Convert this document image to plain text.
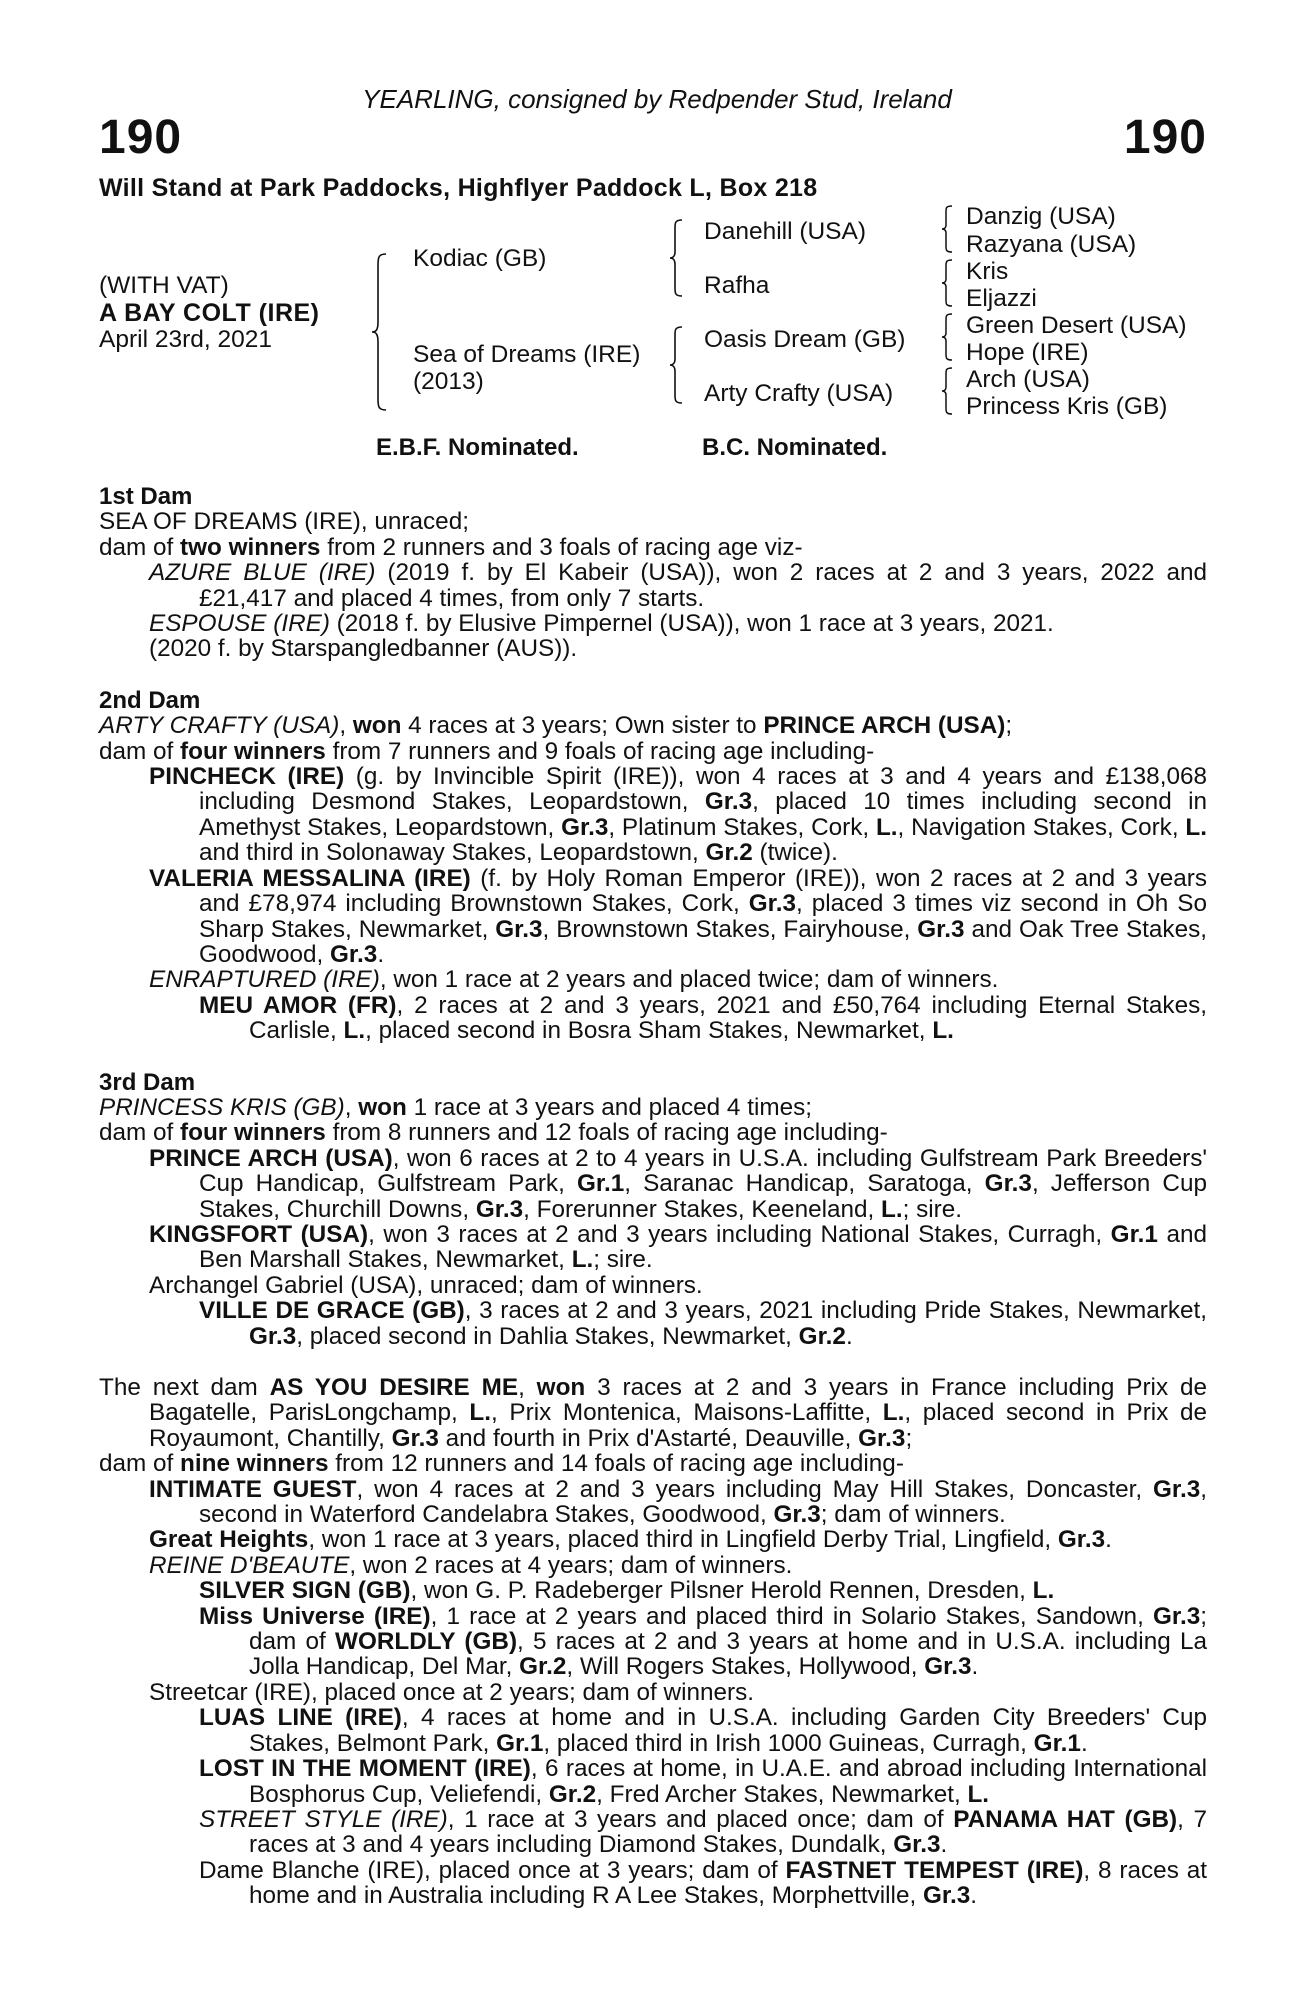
YEARLING, consigned by Redpender Stud, Ireland
190	190
Will Stand at Park Paddocks, Highflyer Paddock L, Box 218
(WITH VAT)
A BAY COLT (IRE)
April 23rd, 2021
Kodiac (GB)
Sea of Dreams (IRE)
(2013)
Danehill (USA)
Rafha
Oasis Dream (GB)
Arty Crafty (USA)
Danzig (USA)
Razyana (USA)
Kris
Eljazzi
Green Desert (USA)
Hope (IRE)
Arch (USA)
Princess Kris (GB)
E.B.F. Nominated.	B.C. Nominated.
1st Dam
SEA OF DREAMS (IRE), unraced;
dam of two winners from 2 runners and 3 foals of racing age viz-
AZURE BLUE (IRE) (2019 f. by El Kabeir (USA)), won 2 races at 2 and 3 years, 2022 and £21,417 and placed 4 times, from only 7 starts.
ESPOUSE (IRE) (2018 f. by Elusive Pimpernel (USA)), won 1 race at 3 years, 2021.
(2020 f. by Starspangledbanner (AUS)).
2nd Dam
ARTY CRAFTY (USA), won 4 races at 3 years; Own sister to PRINCE ARCH (USA);
dam of four winners from 7 runners and 9 foals of racing age including-
PINCHECK (IRE) (g. by Invincible Spirit (IRE)), won 4 races at 3 and 4 years and £138,068 including Desmond Stakes, Leopardstown, Gr.3, placed 10 times including second in Amethyst Stakes, Leopardstown, Gr.3, Platinum Stakes, Cork, L., Navigation Stakes, Cork, L. and third in Solonaway Stakes, Leopardstown, Gr.2 (twice).
VALERIA MESSALINA (IRE) (f. by Holy Roman Emperor (IRE)), won 2 races at 2 and 3 years and £78,974 including Brownstown Stakes, Cork, Gr.3, placed 3 times viz second in Oh So Sharp Stakes, Newmarket, Gr.3, Brownstown Stakes, Fairyhouse, Gr.3 and Oak Tree Stakes, Goodwood, Gr.3.
ENRAPTURED (IRE), won 1 race at 2 years and placed twice; dam of winners.
MEU AMOR (FR), 2 races at 2 and 3 years, 2021 and £50,764 including Eternal Stakes, Carlisle, L., placed second in Bosra Sham Stakes, Newmarket, L.
3rd Dam
PRINCESS KRIS (GB), won 1 race at 3 years and placed 4 times;
dam of four winners from 8 runners and 12 foals of racing age including-
PRINCE ARCH (USA), won 6 races at 2 to 4 years in U.S.A. including Gulfstream Park Breeders' Cup Handicap, Gulfstream Park, Gr.1, Saranac Handicap, Saratoga, Gr.3, Jefferson Cup Stakes, Churchill Downs, Gr.3, Forerunner Stakes, Keeneland, L.; sire.
KINGSFORT (USA), won 3 races at 2 and 3 years including National Stakes, Curragh, Gr.1 and Ben Marshall Stakes, Newmarket, L.; sire.
Archangel Gabriel (USA), unraced; dam of winners.
VILLE DE GRACE (GB), 3 races at 2 and 3 years, 2021 including Pride Stakes, Newmarket, Gr.3, placed second in Dahlia Stakes, Newmarket, Gr.2.
The next dam AS YOU DESIRE ME, won 3 races at 2 and 3 years in France including Prix de Bagatelle, ParisLongchamp, L., Prix Montenica, Maisons-Laffitte, L., placed second in Prix de Royaumont, Chantilly, Gr.3 and fourth in Prix d'Astarté, Deauville, Gr.3;
dam of nine winners from 12 runners and 14 foals of racing age including-
INTIMATE GUEST, won 4 races at 2 and 3 years including May Hill Stakes, Doncaster, Gr.3, second in Waterford Candelabra Stakes, Goodwood, Gr.3; dam of winners.
Great Heights, won 1 race at 3 years, placed third in Lingfield Derby Trial, Lingfield, Gr.3.
REINE D'BEAUTE, won 2 races at 4 years; dam of winners.
SILVER SIGN (GB), won G. P. Radeberger Pilsner Herold Rennen, Dresden, L.
Miss Universe (IRE), 1 race at 2 years and placed third in Solario Stakes, Sandown, Gr.3; dam of WORLDLY (GB), 5 races at 2 and 3 years at home and in U.S.A. including La Jolla Handicap, Del Mar, Gr.2, Will Rogers Stakes, Hollywood, Gr.3.
Streetcar (IRE), placed once at 2 years; dam of winners.
LUAS LINE (IRE), 4 races at home and in U.S.A. including Garden City Breeders' Cup Stakes, Belmont Park, Gr.1, placed third in Irish 1000 Guineas, Curragh, Gr.1.
LOST IN THE MOMENT (IRE), 6 races at home, in U.A.E. and abroad including International Bosphorus Cup, Veliefendi, Gr.2, Fred Archer Stakes, Newmarket, L.
STREET STYLE (IRE), 1 race at 3 years and placed once; dam of PANAMA HAT (GB), 7 races at 3 and 4 years including Diamond Stakes, Dundalk, Gr.3.
Dame Blanche (IRE), placed once at 3 years; dam of FASTNET TEMPEST (IRE), 8 races at home and in Australia including R A Lee Stakes, Morphettville, Gr.3.
